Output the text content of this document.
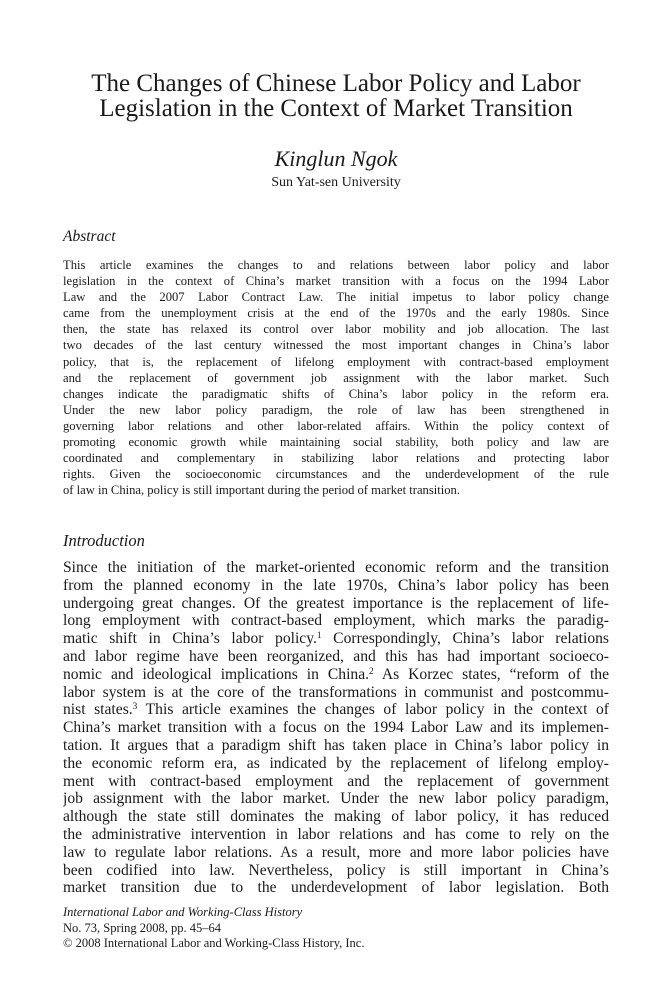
The Changes of Chinese Labor Policy and Labor
Legislation in the Context of Market Transition
Kinglun Ngok
Sun Yat-sen University
Abstract
This article examines the changes to and relations between labor policy and labor
legislation in the context of China’s market transition with a focus on the 1994 Labor
Law and the 2007 Labor Contract Law. The initial impetus to labor policy change
came from the unemployment crisis at the end of the 1970s and the early 1980s. Since
then, the state has relaxed its control over labor mobility and job allocation. The last
two decades of the last century witnessed the most important changes in China’s labor
policy, that is, the replacement of lifelong employment with contract-based employment
and the replacement of government job assignment with the labor market. Such
changes indicate the paradigmatic shifts of China’s labor policy in the reform era.
Under the new labor policy paradigm, the role of law has been strengthened in
governing labor relations and other labor-related affairs. Within the policy context of
promoting economic growth while maintaining social stability, both policy and law are
coordinated and complementary in stabilizing labor relations and protecting labor
rights. Given the socioeconomic circumstances and the underdevelopment of the rule
of law in China, policy is still important during the period of market transition.
Introduction
Since the initiation of the market-oriented economic reform and the transition
from the planned economy in the late 1970s, China’s labor policy has been
undergoing great changes. Of the greatest importance is the replacement of life-
long employment with contract-based employment, which marks the paradig-
matic shift in China’s labor policy.$^1$ Correspondingly, China’s labor relations
and labor regime have been reorganized, and this has had important socioeco-
nomic and ideological implications in China.$^2$ As Korzec states, “reform of the
labor system is at the core of the transformations in communist and postcommu-
nist states.$^3$ This article examines the changes of labor policy in the context of
China’s market transition with a focus on the 1994 Labor Law and its implemen-
tation. It argues that a paradigm shift has taken place in China’s labor policy in
the economic reform era, as indicated by the replacement of lifelong employ-
ment with contract-based employment and the replacement of government
job assignment with the labor market. Under the new labor policy paradigm,
although the state still dominates the making of labor policy, it has reduced
the administrative intervention in labor relations and has come to rely on the
law to regulate labor relations. As a result, more and more labor policies have
been codified into law. Nevertheless, policy is still important in China’s
market transition due to the underdevelopment of labor legislation. Both
International Labor and Working-Class History
No. 73, Spring 2008, pp. 45–64
© 2008 International Labor and Working-Class History, Inc.
